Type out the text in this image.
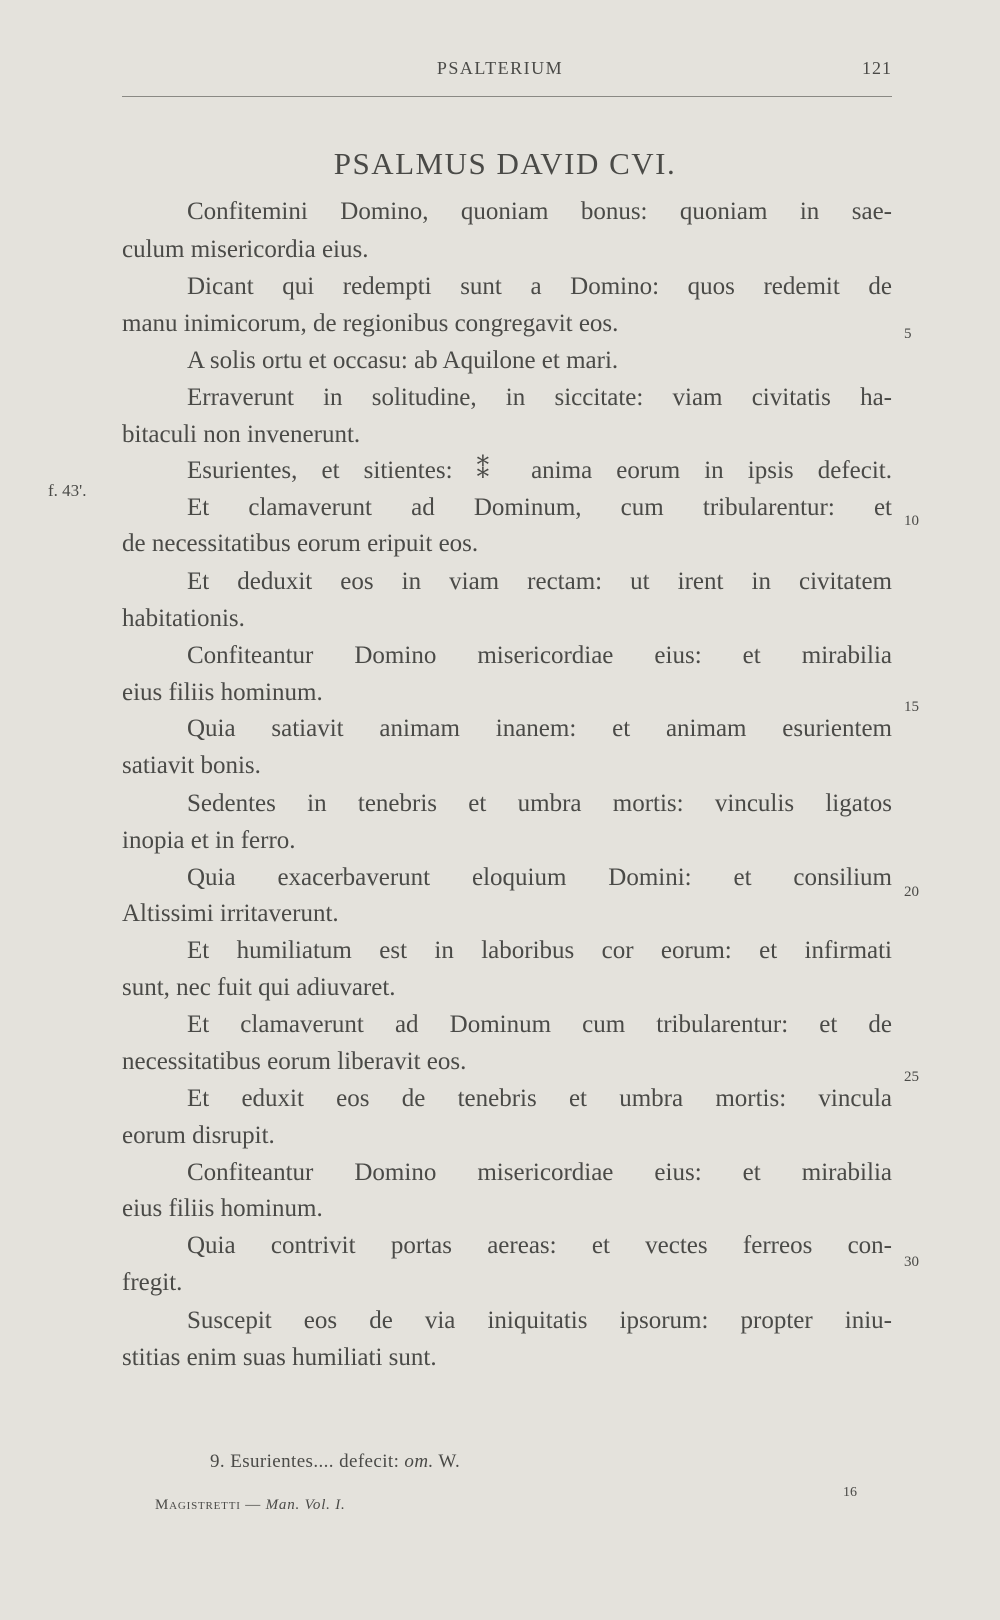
PSALTERIUM	121
PSALMUS DAVID CVI.
f. 43'.
Confitemini Domino, quoniam bonus: quoniam in sae-
culum misericordia eius.
Dicant qui redempti sunt a Domino: quos redemit de
manu inimicorum, de regionibus congregavit eos.
A solis ortu et occasu: ab Aquilone et mari.
Erraverunt in solitudine, in siccitate: viam civitatis ha-
bitaculi non invenerunt.
Esurientes, et sitientes: ⁑ anima eorum in ipsis defecit.
Et clamaverunt ad Dominum, cum tribularentur: et
de necessitatibus eorum eripuit eos.
Et deduxit eos in viam rectam: ut irent in civitatem
habitationis.
Confiteantur Domino misericordiae eius: et mirabilia
eius filiis hominum.
Quia satiavit animam inanem: et animam esurientem
satiavit bonis.
Sedentes in tenebris et umbra mortis: vinculis ligatos
inopia et in ferro.
Quia exacerbaverunt eloquium Domini: et consilium
Altissimi irritaverunt.
Et humiliatum est in laboribus cor eorum: et infirmati
sunt, nec fuit qui adiuvaret.
Et clamaverunt ad Dominum cum tribularentur: et de
necessitatibus eorum liberavit eos.
Et eduxit eos de tenebris et umbra mortis: vincula
eorum disrupit.
Confiteantur Domino misericordiae eius: et mirabilia
eius filiis hominum.
Quia contrivit portas aereas: et vectes ferreos con-
fregit.
Suscepit eos de via iniquitatis ipsorum: propter iniu-
stitias enim suas humiliati sunt.
5
10
15
20
25
30
9. Esurientes.... defecit: om. W.
Magistretti — Man. Vol. I.
16
